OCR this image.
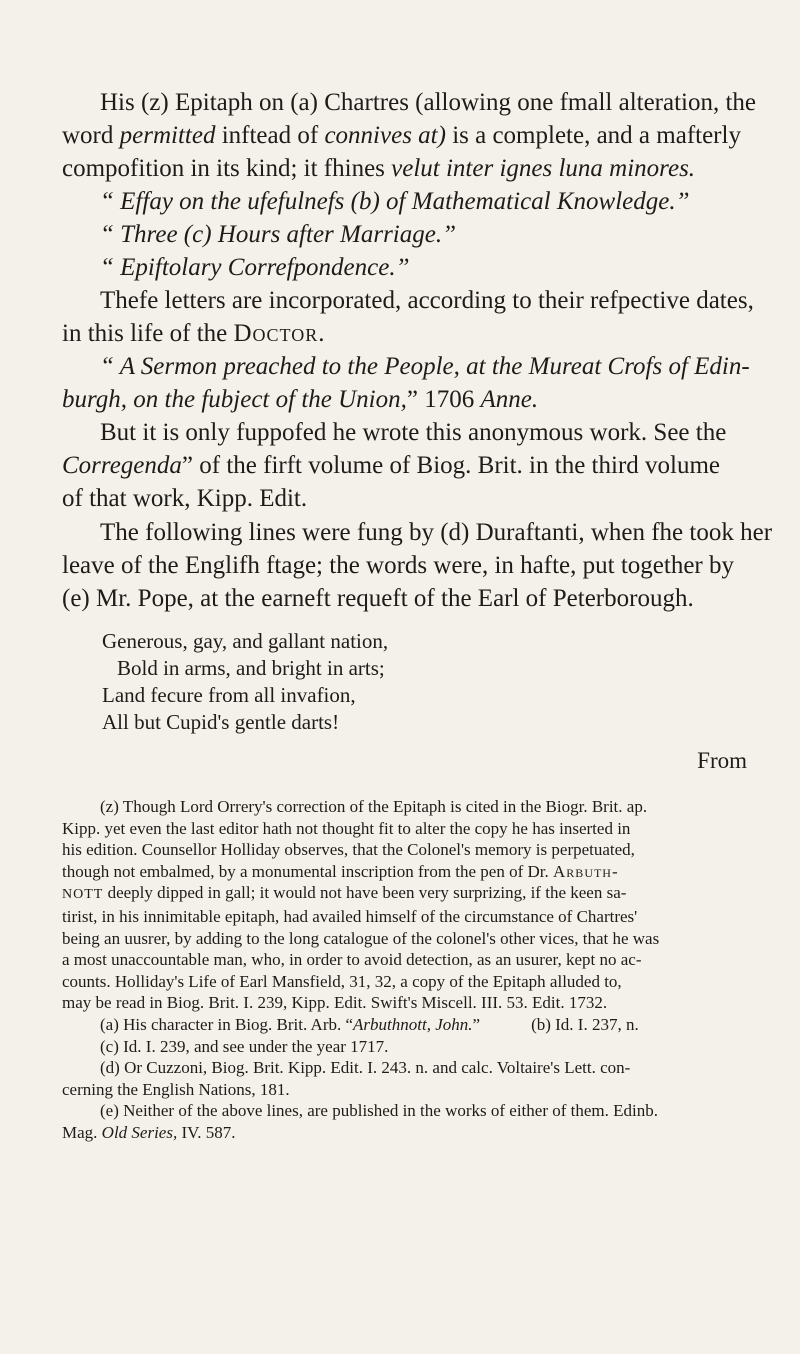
His (z) Epitaph on (a) Chartres (allowing one fmall alteration, the
word permitted inftead of connives at) is a complete, and a mafterly
compofition in its kind; it fhines velut inter ignes luna minores.
“ Effay on the ufefulnefs (b) of Mathematical Knowledge.”
“ Three (c) Hours after Marriage.”
“ Epiftolary Correfpondence.”
Thefe letters are incorporated, according to their refpective dates,
in this life of the Doctor.
“ A Sermon preached to the People, at the Mureat Crofs of Edin-
burgh, on the fubject of the Union,” 1706 Anne.
But it is only fuppofed he wrote this anonymous work. See the
Corregenda” of the firft volume of Biog. Brit. in the third volume
of that work, Kipp. Edit.
The following lines were fung by (d) Duraftanti, when fhe took her
leave of the Englifh ftage; the words were, in hafte, put together by
(e) Mr. Pope, at the earneft requeft of the Earl of Peterborough.
Generous, gay, and gallant nation,
Bold in arms, and bright in arts;
Land fecure from all invafion,
All but Cupid's gentle darts!
From
(z) Though Lord Orrery's correction of the Epitaph is cited in the Biogr. Brit. ap.
Kipp. yet even the last editor hath not thought fit to alter the copy he has inserted in
his edition. Counsellor Holliday observes, that the Colonel's memory is perpetuated,
though not embalmed, by a monumental inscription from the pen of Dr. Arbuth-
NOTT deeply dipped in gall; it would not have been very surprizing, if the keen sa-
tirist, in his innimitable epitaph, had availed himself of the circumstance of Chartres'
being an uusrer, by adding to the long catalogue of the colonel's other vices, that he was
a most unaccountable man, who, in order to avoid detection, as an usurer, kept no ac-
counts. Holliday's Life of Earl Mansfield, 31, 32, a copy of the Epitaph alluded to,
may be read in Biog. Brit. I. 239, Kipp. Edit. Swift's Miscell. III. 53. Edit. 1732.
(a) His character in Biog. Brit. Arb. “Arbuthnott, John.”	(b) Id. I. 237, n.
(c) Id. I. 239, and see under the year 1717.
(d) Or Cuzzoni, Biog. Brit. Kipp. Edit. I. 243. n. and calc. Voltaire's Lett. con-
cerning the English Nations, 181.
(e) Neither of the above lines, are published in the works of either of them. Edinb.
Mag. Old Series, IV. 587.
